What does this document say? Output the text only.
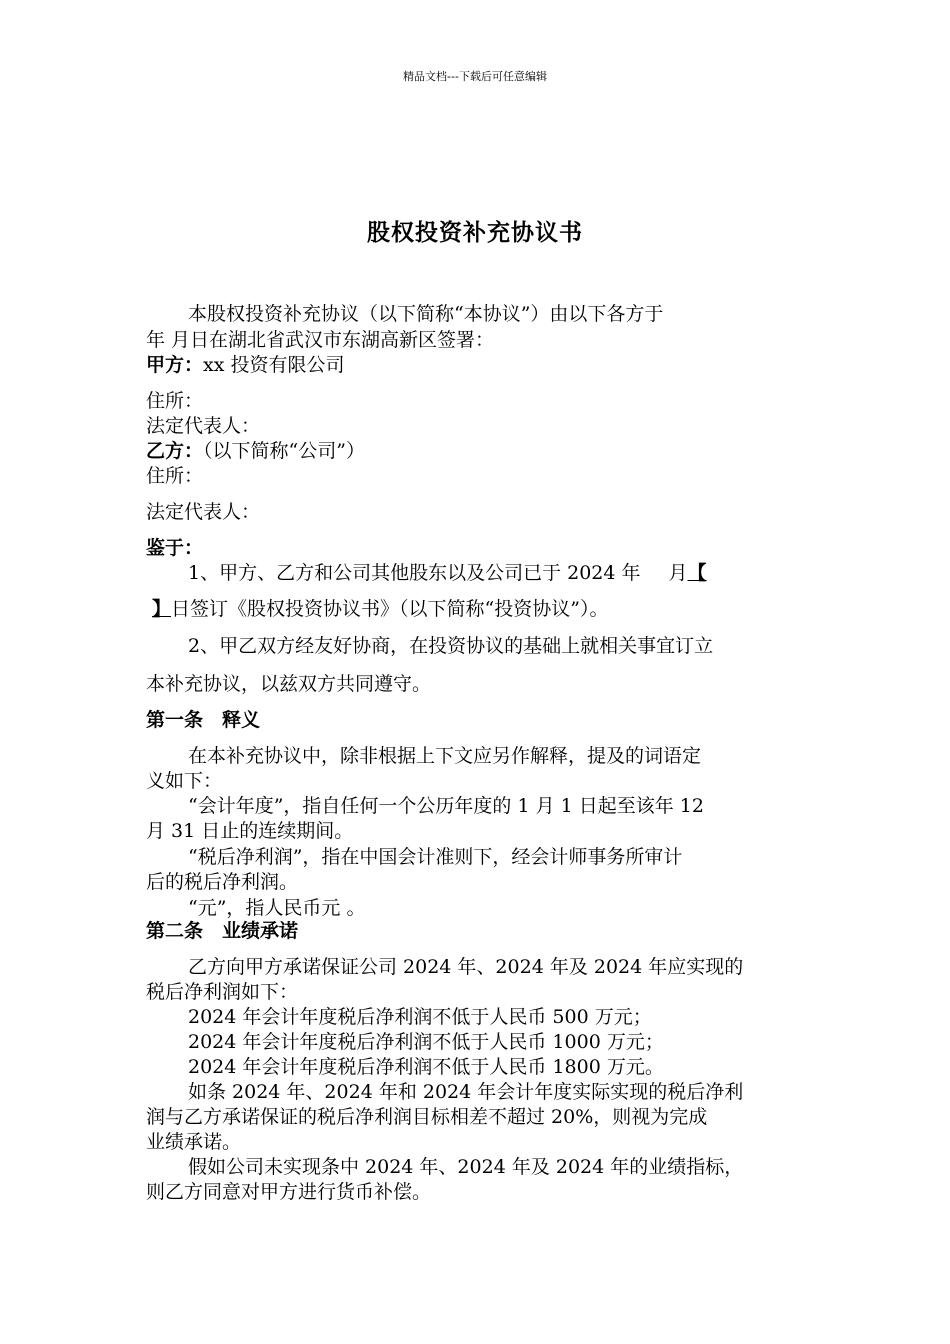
精品文档---下载后可任意编辑
股权投资补充协议书
本股权投资补充协议（以下简称“本协议”）由以下各方于
年 月日在湖北省武汉市东湖高新区签署：
甲方：xx 投资有限公司
住所：
法定代表人：
乙方：（以下简称“公司”）
住所：
法定代表人：
鉴于：
1、甲方、乙方和公司其他股东以及公司已于 2024 年 月【
】日签订《股权投资协议书》（以下简称“投资协议”）。
2、甲乙双方经友好协商，在投资协议的基础上就相关事宜订立
本补充协议，以兹双方共同遵守。
第一条　释义
在本补充协议中，除非根据上下文应另作解释，提及的词语定
义如下：
“会计年度”，指自任何一个公历年度的 1 月 1 日起至该年 12
月 31 日止的连续期间。
“税后净利润”，指在中国会计准则下，经会计师事务所审计
后的税后净利润。
“元”，指人民币元 。
第二条　业绩承诺
乙方向甲方承诺保证公司 2024 年、2024 年及 2024 年应实现的
税后净利润如下：
2024 年会计年度税后净利润不低于人民币 500 万元；
2024 年会计年度税后净利润不低于人民币 1000 万元；
2024 年会计年度税后净利润不低于人民币 1800 万元。
如条 2024 年、2024 年和 2024 年会计年度实际实现的税后净利
润与乙方承诺保证的税后净利润目标相差不超过 20%，则视为完成
业绩承诺。
假如公司未实现条中 2024 年、2024 年及 2024 年的业绩指标，
则乙方同意对甲方进行货币补偿。
